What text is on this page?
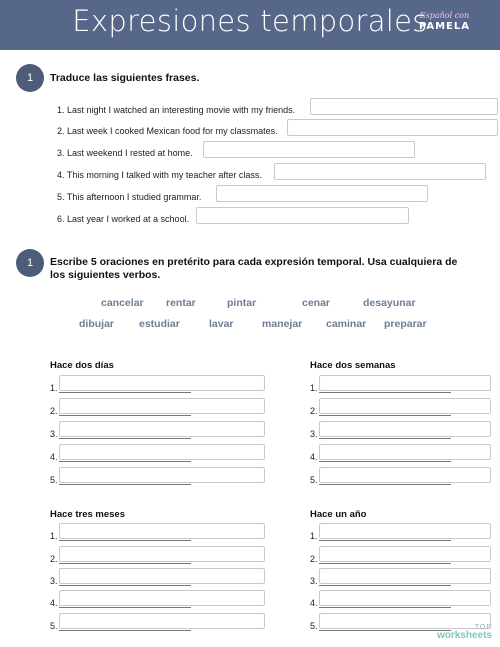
Expresiones temporales
Español con
PAMELA
1	Traduce las siguientes frases.
1. Last night I watched an interesting movie with my friends.
2. Last week I cooked Mexican food for my classmates.
3. Last weekend I rested at home.
4. This morning I talked with my teacher after class.
5. This afternoon I studied grammar.
6. Last year I worked at a school.
1	Escribe 5 oraciones en pretérito para cada expresión temporal. Usa cualquiera de
los siguientes verbos.
cancelar rentar	pintar	cenar	desayunar
dibujar estudiar	lavar	manejar caminar preparar
Hace dos días
1.
2.
3.
4.
5.
Hace dos semanas
1.
2.
3.
4.
5.
Hace tres meses
1.
2.
3.
4.
5.
Hace un año
1.
2.
3.
4.
5.	TOP
worksheets
